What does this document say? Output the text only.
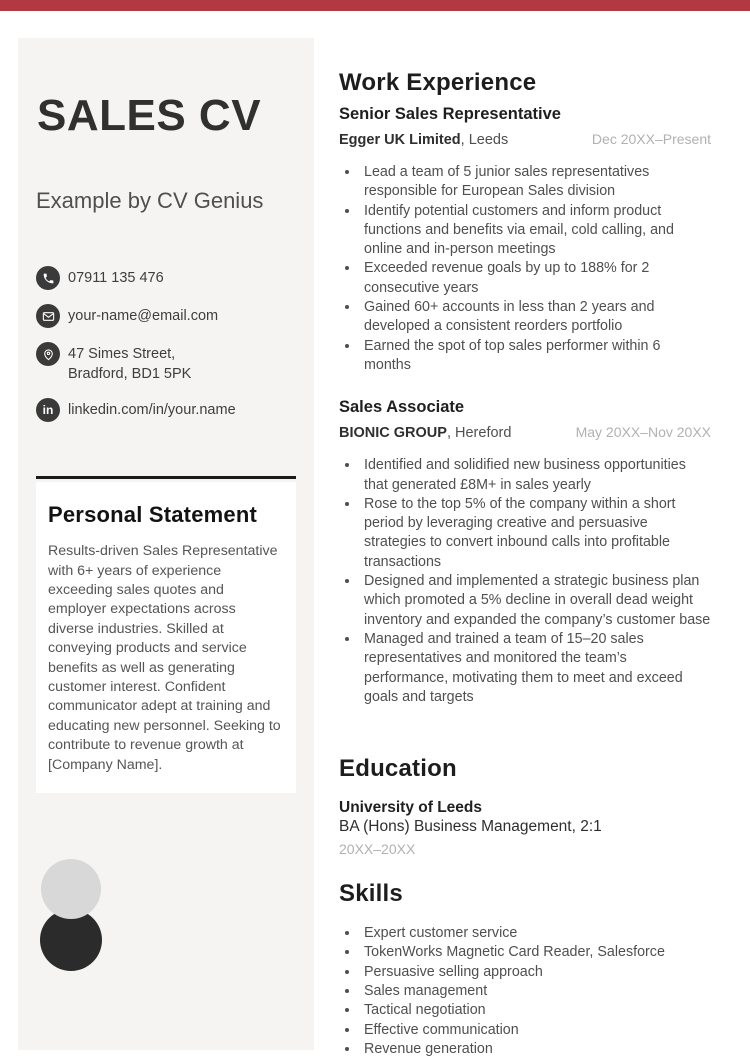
SALES CV
Example by CV Genius
07911 135 476
your-name@email.com
47 Simes Street,
Bradford, BD1 5PK
in linkedin.com/in/your.name
Personal Statement

Results-driven Sales Representative with 6+ years of experience exceeding sales quotes and employer expectations across diverse industries. Skilled at conveying products and service benefits as well as generating customer interest. Confident communicator adept at training and educating new personnel. Seeking to contribute to revenue growth at [Company Name].

Work Experience
Senior Sales Representative
Egger UK Limited , Leeds	Dec 20XX–Present
• Lead a team of 5 junior sales representatives responsible for European Sales division
• Identify potential customers and inform product functions and benefits via email, cold calling, and online and in-person meetings
• Exceeded revenue goals by up to 188% for 2 consecutive years
• Gained 60+ accounts in less than 2 years and developed a consistent reorders portfolio
• Earned the spot of top sales performer within 6 months
Sales Associate
BIONIC GROUP , Hereford	May 20XX–Nov 20XX
• Identified and solidified new business opportunities that generated £8M+ in sales yearly
• Rose to the top 5% of the company within a short period by leveraging creative and persuasive strategies to convert inbound calls into profitable transactions
• Designed and implemented a strategic business plan which promoted a 5% decline in overall dead weight inventory and expanded the company’s customer base
• Managed and trained a team of 15–20 sales representatives and monitored the team’s performance, motivating them to meet and exceed goals and targets
Education
University of Leeds
BA (Hons) Business Management, 2:1
20XX–20XX
Skills
• Expert customer service
• TokenWorks Magnetic Card Reader, Salesforce
• Persuasive selling approach
• Sales management
• Tactical negotiation
• Effective communication
• Revenue generation
